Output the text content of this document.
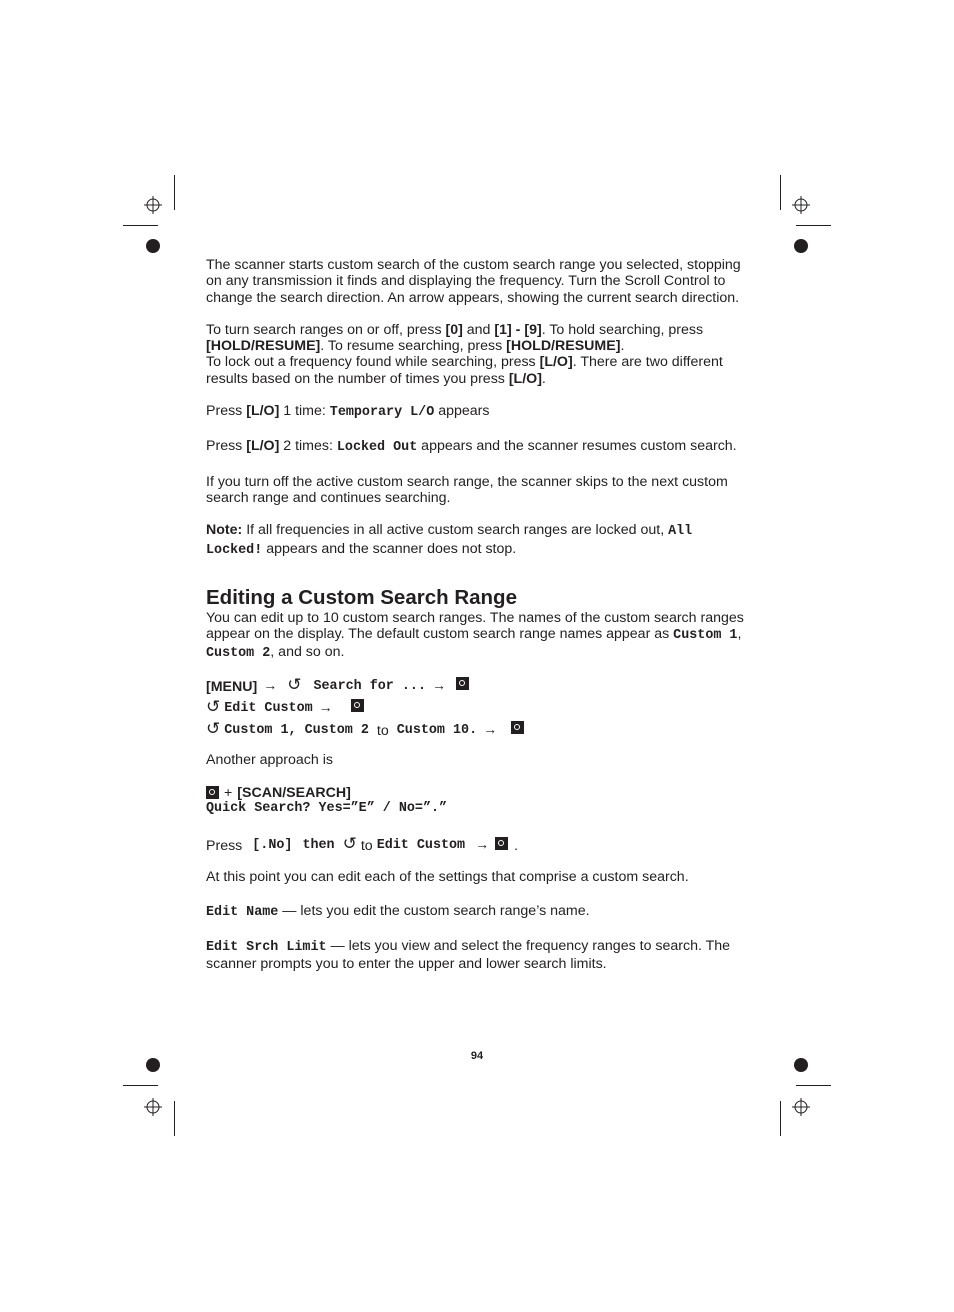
The scanner starts custom search of the custom search range you selected, stopping on any transmission it finds and displaying the frequency. Turn the Scroll Control to change the search direction. An arrow appears, showing the current search direction.

To turn search ranges on or off, press [0] and [1] - [9]. To hold searching, press
[HOLD/RESUME]. To resume searching, press [HOLD/RESUME].
To lock out a frequency found while searching, press [L/O]. There are two different results based on the number of times you press [L/O].

Press [L/O] 1 time: Temporary L/O appears

Press [L/O] 2 times: Locked Out appears and the scanner resumes custom search.

If you turn off the active custom search range, the scanner skips to the next custom search range and continues searching.

Note: If all frequencies in all active custom search ranges are locked out, All Locked! appears and the scanner does not stop.

Editing a Custom Search Range

You can edit up to 10 custom search ranges. The names of the custom search ranges appear on the display. The default custom search range names appear as Custom 1, Custom 2, and so on.

[MENU] → ↺ Search for ... →
↺ Edit Custom →
↺ Custom 1, Custom 2 to Custom 10. →

Another approach is

+ [SCAN/SEARCH]

Quick Search? Yes=”E” / No=”.”

Press [.No] then ↺ to Edit Custom → .

At this point you can edit each of the settings that comprise a custom search.

Edit Name — lets you edit the custom search range’s name.

Edit Srch Limit — lets you view and select the frequency ranges to search. The scanner prompts you to enter the upper and lower search limits.

94
